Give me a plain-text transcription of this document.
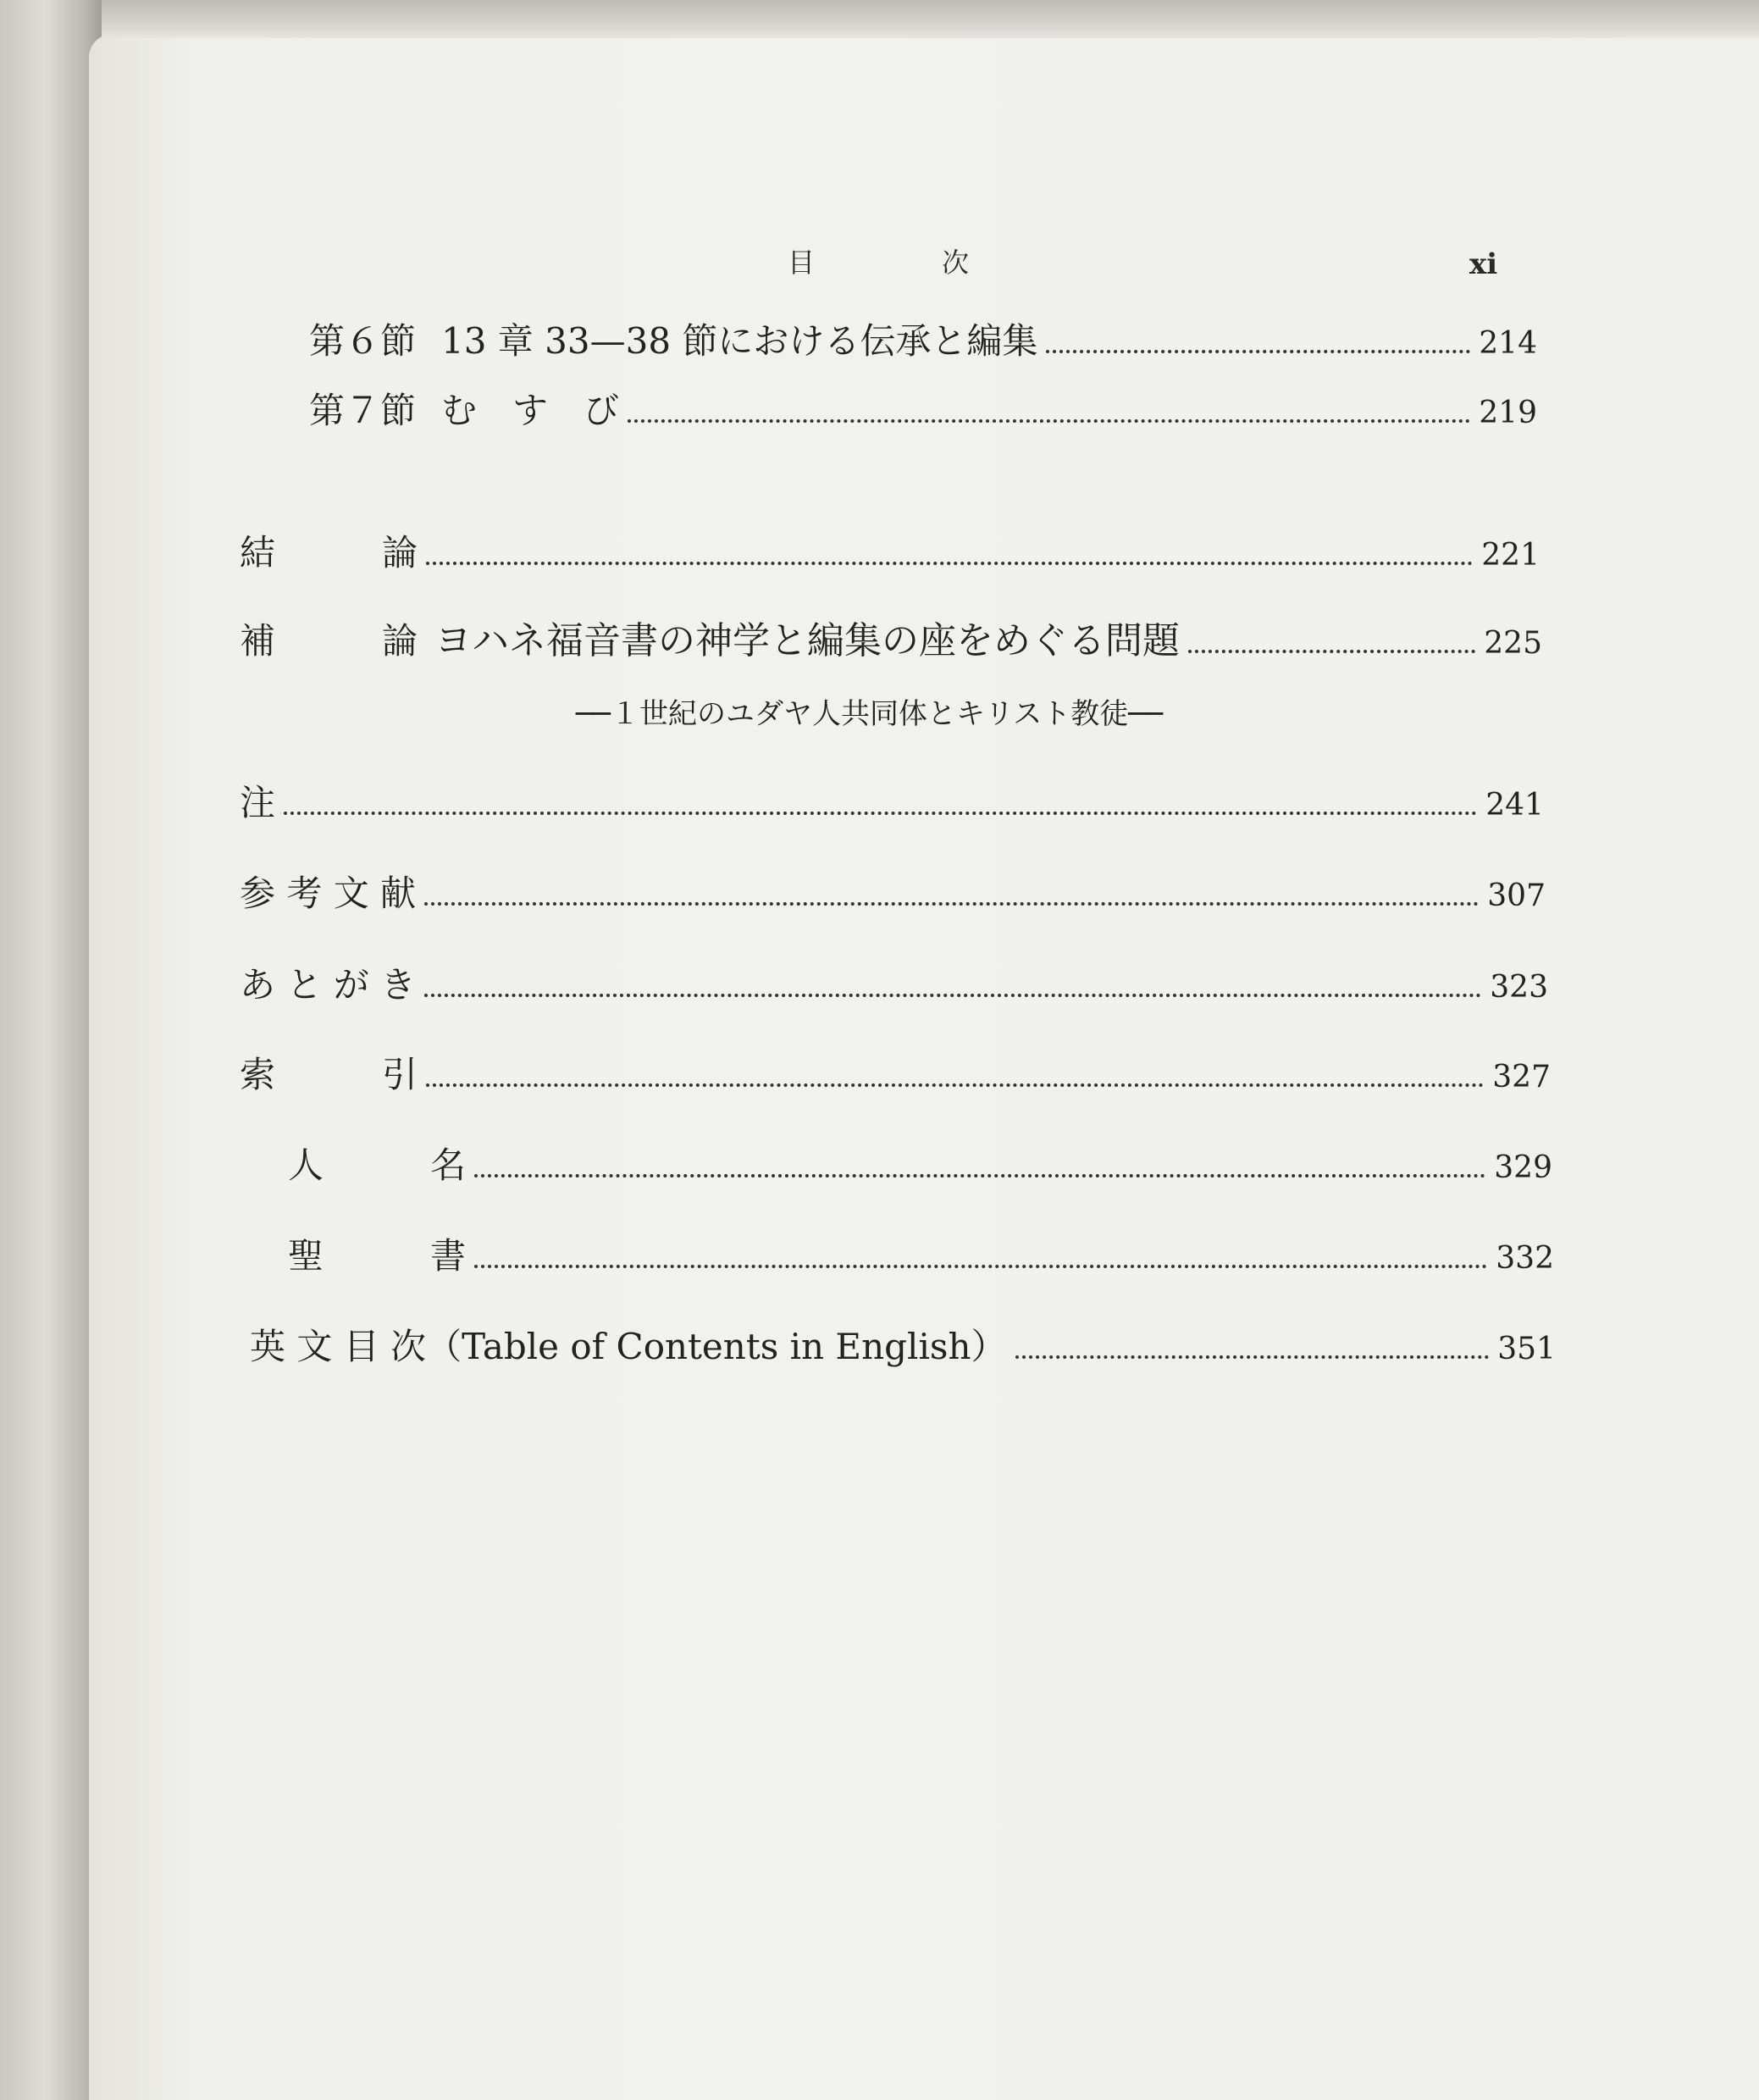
目次	xi
第６節 13 章 33—38 節における伝承と編集	214
第７節 む　す　び	219
結　　　論	221
補　　　論 ヨハネ福音書の神学と編集の座をめぐる問題	225
──１世紀のユダヤ人共同体とキリスト教徒──
注	241
参 考 文 献	307
あ と が き	323
索　　　引	327
人　　　名	329
聖　　　書	332
英 文 目 次 （Table of Contents in English）	351
